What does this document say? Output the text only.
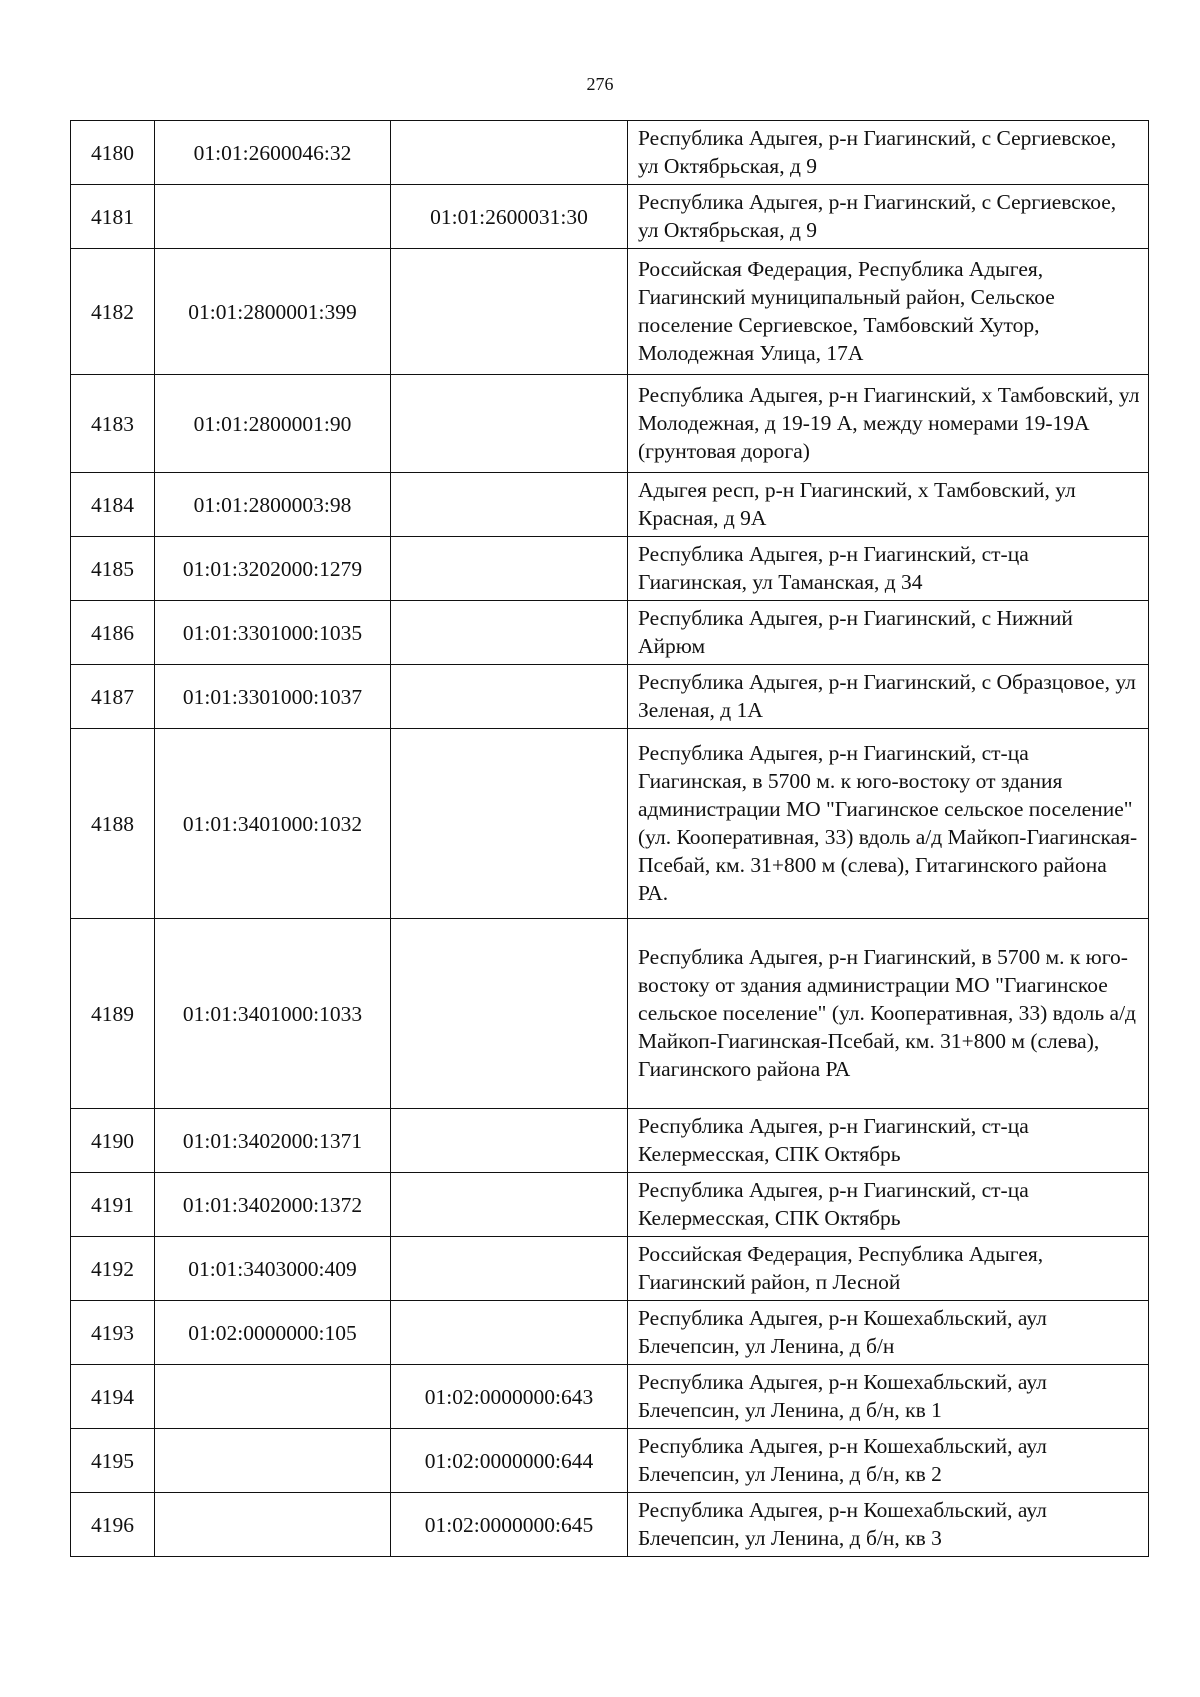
276
4180	01:01:2600046:32		Республика Адыгея, р-н Гиагинский, с Сергиевское, ул Октябрьская, д 9
4181		01:01:2600031:30	Республика Адыгея, р-н Гиагинский, с Сергиевское, ул Октябрьская, д 9
4182	01:01:2800001:399		Российская Федерация, Республика Адыгея, Гиагинский муниципальный район, Сельское поселение Сергиевское, Тамбовский Хутор, Молодежная Улица, 17А
4183	01:01:2800001:90		Республика Адыгея, р-н Гиагинский, х Тамбовский, ул Молодежная, д 19-19 А, между номерами 19-19А (грунтовая дорога)
4184	01:01:2800003:98		Адыгея респ, р-н Гиагинский, х Тамбовский, ул Красная, д 9А
4185	01:01:3202000:1279		Республика Адыгея, р-н Гиагинский, ст-ца Гиагинская, ул Таманская, д 34
4186	01:01:3301000:1035		Республика Адыгея, р-н Гиагинский, с Нижний Айрюм
4187	01:01:3301000:1037		Республика Адыгея, р-н Гиагинский, с Образцовое, ул Зеленая, д 1А
4188	01:01:3401000:1032		Республика Адыгея, р-н Гиагинский, ст-ца Гиагинская, в 5700 м. к юго-востоку от здания администрации МО "Гиагинское сельское поселение" (ул. Кооперативная, 33) вдоль а/д Майкоп-Гиагинская-Псебай, км. 31+800 м (слева), Гитагинского района РА.
4189	01:01:3401000:1033		Республика Адыгея, р-н Гиагинский, в 5700 м. к юго-востоку от здания администрации МО "Гиагинское сельское поселение" (ул. Кооперативная, 33) вдоль а/д Майкоп-Гиагинская-Псебай, км. 31+800 м (слева), Гиагинского района РА
4190	01:01:3402000:1371		Республика Адыгея, р-н Гиагинский, ст-ца Келермесская, СПК Октябрь
4191	01:01:3402000:1372		Республика Адыгея, р-н Гиагинский, ст-ца Келермесская, СПК Октябрь
4192	01:01:3403000:409		Российская Федерация, Республика Адыгея, Гиагинский район, п Лесной
4193	01:02:0000000:105		Республика Адыгея, р-н Кошехабльский, аул Блечепсин, ул Ленина, д б/н
4194		01:02:0000000:643	Республика Адыгея, р-н Кошехабльский, аул Блечепсин, ул Ленина, д б/н, кв 1
4195		01:02:0000000:644	Республика Адыгея, р-н Кошехабльский, аул Блечепсин, ул Ленина, д б/н, кв 2
4196		01:02:0000000:645	Республика Адыгея, р-н Кошехабльский, аул Блечепсин, ул Ленина, д б/н, кв 3
